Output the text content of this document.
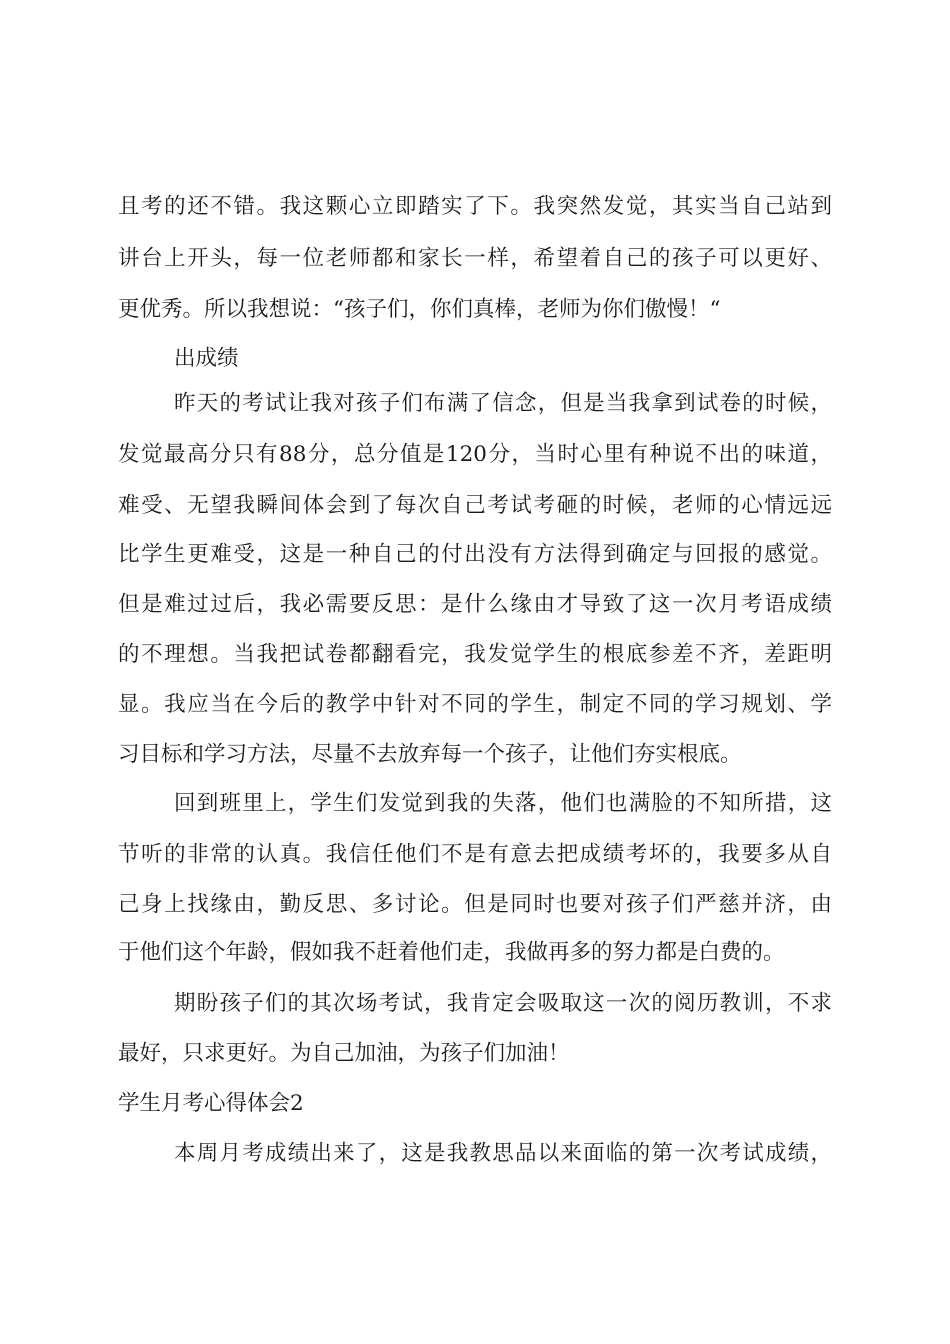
且考的还不错。我这颗心立即踏实了下。我突然发觉，其实当自己站到
讲台上开头，每一位老师都和家长一样，希望着自己的孩子可以更好、
更优秀。所以我想说：“孩子们，你们真棒，老师为你们傲慢！“
出成绩
昨天的考试让我对孩子们布满了信念，但是当我拿到试卷的时候，
发觉最高分只有88分，总分值是120分，当时心里有种说不出的味道，
难受、无望我瞬间体会到了每次自己考试考砸的时候，老师的心情远远
比学生更难受，这是一种自己的付出没有方法得到确定与回报的感觉。
但是难过过后，我必需要反思：是什么缘由才导致了这一次月考语成绩
的不理想。当我把试卷都翻看完，我发觉学生的根底参差不齐，差距明
显。我应当在今后的教学中针对不同的学生，制定不同的学习规划、学
习目标和学习方法，尽量不去放弃每一个孩子，让他们夯实根底。
回到班里上，学生们发觉到我的失落，他们也满脸的不知所措，这
节听的非常的认真。我信任他们不是有意去把成绩考坏的，我要多从自
己身上找缘由，勤反思、多讨论。但是同时也要对孩子们严慈并济，由
于他们这个年龄，假如我不赶着他们走，我做再多的努力都是白费的。
期盼孩子们的其次场考试，我肯定会吸取这一次的阅历教训，不求
最好，只求更好。为自己加油，为孩子们加油！
学生月考心得体会2
本周月考成绩出来了，这是我教思品以来面临的第一次考试成绩，
